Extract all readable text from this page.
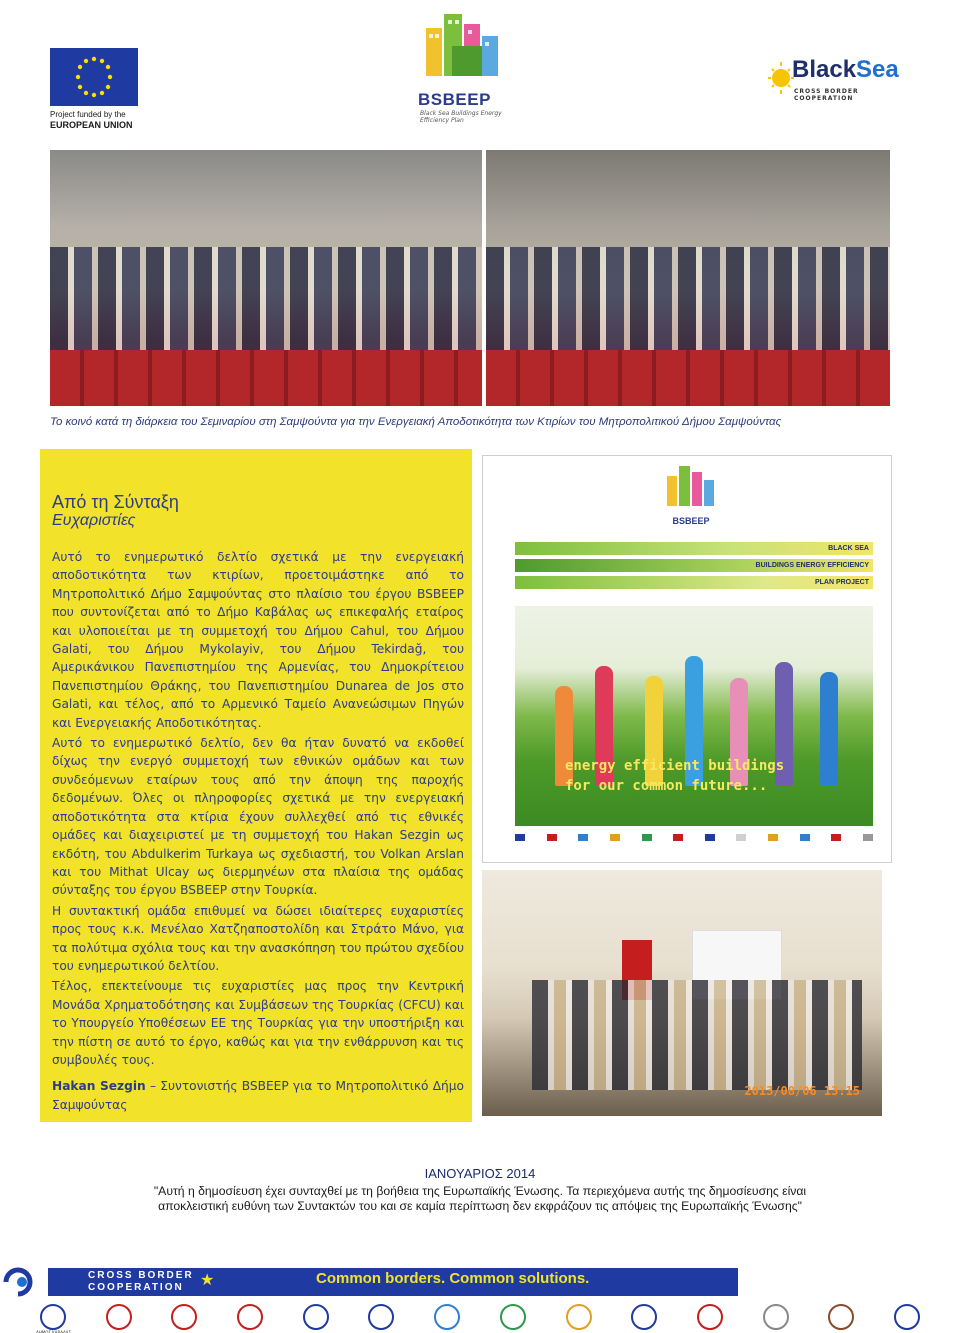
Project funded by the
EUROPEAN UNION
BSBEEP
Black Sea Buildings Energy Efficiency Plan
BlackSea
CROSS BORDER COOPERATION
Το κοινό κατά τη διάρκεια του Σεμιναρίου στη Σαμψούντα για την Ενεργειακή Αποδοτικότητα των Κτιρίων του Μητροπολιτικού Δήμου Σαμψούντας
Από τη Σύνταξη
Ευχαριστίες

Αυτό το ενημερωτικό δελτίο σχετικά με την ενεργειακή αποδοτικότητα των κτιρίων, προετοιμάστηκε από το Μητροπολιτικό Δήμο Σαμψούντας στο πλαίσιο του έργου BSBEEP που συντονίζεται από το Δήμο Καβάλας ως επικεφαλής εταίρος και υλοποιείται με τη συμμετοχή του Δήμου Cahul, του Δήμου Galati, του Δήμου Mykolayiv, του Δήμου Tekirdağ, του Αμερικάνικου Πανεπιστημίου της Αρμενίας, του Δημοκρίτειου Πανεπιστημίου Θράκης, του Πανεπιστημίου Dunarea de Jos στο Galati, και τέλος, από το Αρμενικό Ταμείο Ανανεώσιμων Πηγών και Ενεργειακής Αποδοτικότητας.

Αυτό το ενημερωτικό δελτίο, δεν θα ήταν δυνατό να εκδοθεί δίχως την ενεργό συμμετοχή των εθνικών ομάδων και των συνδεόμενων εταίρων τους από την άποψη της παροχής δεδομένων. Όλες οι πληροφορίες σχετικά με την ενεργειακή αποδοτικότητα στα κτίρια έχουν συλλεχθεί από τις εθνικές ομάδες και διαχειριστεί με τη συμμετοχή του Hakan Sezgin ως εκδότη, του Abdulkerim Turkaya ως σχεδιαστή, του Volkan Arslan και του Mithat Ulcay ως διερμηνέων στα πλαίσια της ομάδας σύνταξης του έργου BSBEEP στην Τουρκία.

Η συντακτική ομάδα επιθυμεί να δώσει ιδιαίτερες ευχαριστίες προς τους κ.κ. Μενέλαο Χατζηαποστολίδη και Στράτο Μάνο, για τα πολύτιμα σχόλια τους και την ανασκόπηση του πρώτου σχεδίου του ενημερωτικού δελτίου.

Τέλος, επεκτείνουμε τις ευχαριστίες μας προς την Κεντρική Μονάδα Χρηματοδότησης και Συμβάσεων της Τουρκίας (CFCU) και το Υπουργείο Υποθέσεων ΕΕ της Τουρκίας για την υποστήριξη και την πίστη σε αυτό το έργο, καθώς και για την ενθάρρυνση και τις συμβουλές τους.

Hakan Sezgin – Συντονιστής BSBEEP για το Μητροπολιτικό Δήμο Σαμψούντας

BSBEEP
BLACK SEA
BUILDINGS ENERGY EFFICIENCY
PLAN PROJECT
energy efficient buildings
for our common future...
2013/08/06 13:15
ΙΑΝΟΥΑΡΙΟΣ 2014
"Αυτή η δημοσίευση έχει συνταχθεί με τη βοήθεια της Ευρωπαϊκής Ένωσης. Τα περιεχόμενα αυτής της δημοσίευσης είναι
αποκλειστική ευθύνη των Συντακτών του και σε καμία περίπτωση δεν εκφράζουν τις απόψεις της Ευρωπαϊκής Ένωσης"
CROSS BORDER
COOPERATION	★	Common borders. Common solutions.
ΔΗΜΟΣ ΚΑΒΑΛΑΣ
